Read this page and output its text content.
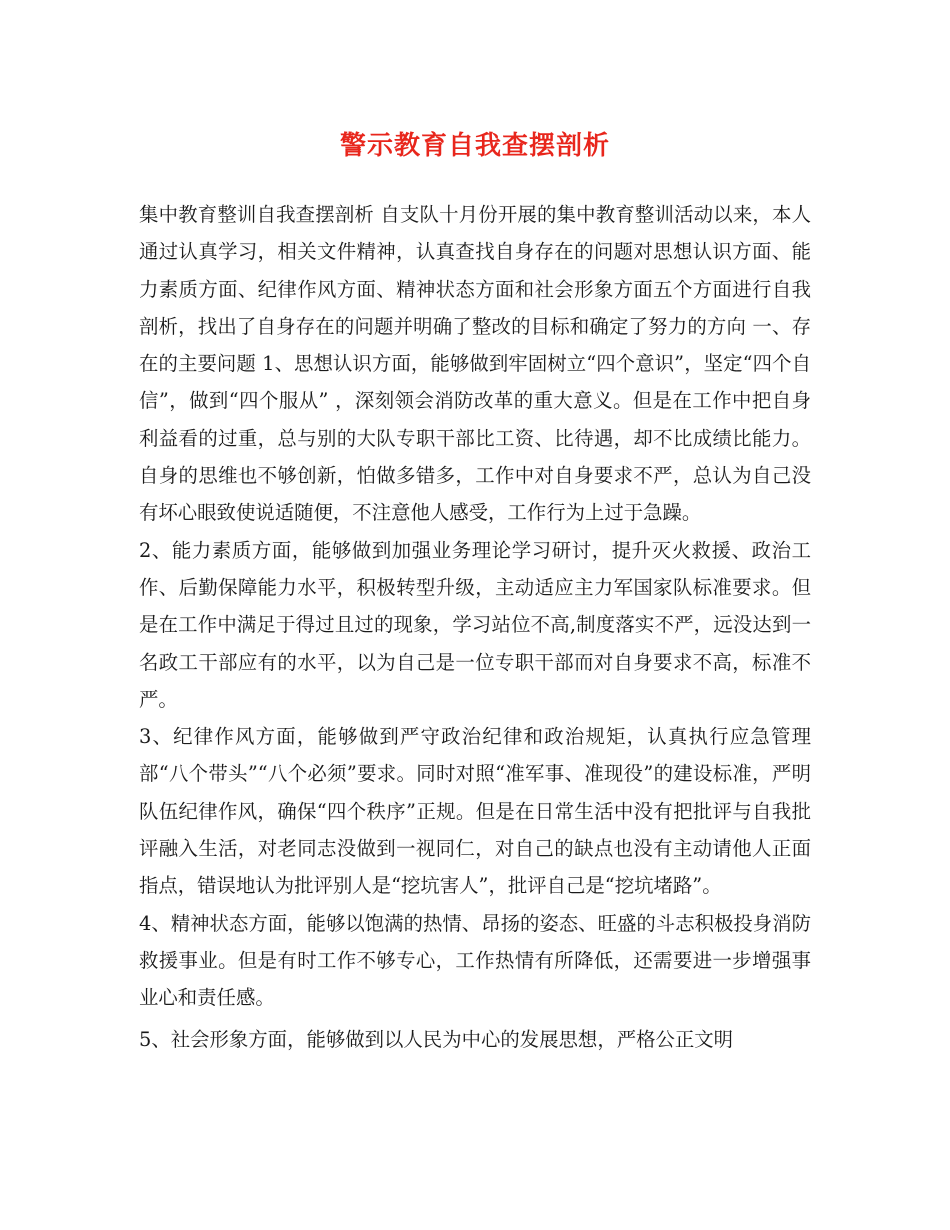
警示教育自我查摆剖析

集中教育整训自我查摆剖析 自支队十月份开展的集中教育整训活动以来，本人通过认真学习，相关文件精神，认真查找自身存在的问题对思想认识方面、能力素质方面、纪律作风方面、精神状态方面和社会形象方面五个方面进行自我剖析，找出了自身存在的问题并明确了整改的目标和确定了努力的方向 一、存在的主要问题 1、思想认识方面，能够做到牢固树立“四个意识”，坚定“四个自信”，做到“四个服从” ，深刻领会消防改革的重大意义。但是在工作中把自身利益看的过重，总与别的大队专职干部比工资、比待遇，却不比成绩比能力。自身的思维也不够创新，怕做多错多，工作中对自身要求不严，总认为自己没有坏心眼致使说适随便，不注意他人感受，工作行为上过于急躁。

2、能力素质方面，能够做到加强业务理论学习研讨，提升灭火救援、政治工作、后勤保障能力水平，积极转型升级，主动适应主力军国家队标准要求。但是在工作中满足于得过且过的现象，学习站位不高,制度落实不严，远没达到一名政工干部应有的水平，以为自己是一位专职干部而对自身要求不高，标准不严。

3、纪律作风方面，能够做到严守政治纪律和政治规矩，认真执行应急管理部“八个带头”“八个必须”要求。同时对照“准军事、准现役”的建设标准，严明队伍纪律作风，确保“四个秩序”正规。但是在日常生活中没有把批评与自我批评融入生活，对老同志没做到一视同仁，对自己的缺点也没有主动请他人正面指点，错误地认为批评别人是“挖坑害人”，批评自己是“挖坑堵路”。

4、精神状态方面，能够以饱满的热情、昂扬的姿态、旺盛的斗志积极投身消防救援事业。但是有时工作不够专心，工作热情有所降低，还需要进一步增强事业心和责任感。

5、社会形象方面，能够做到以人民为中心的发展思想，严格公正文明
